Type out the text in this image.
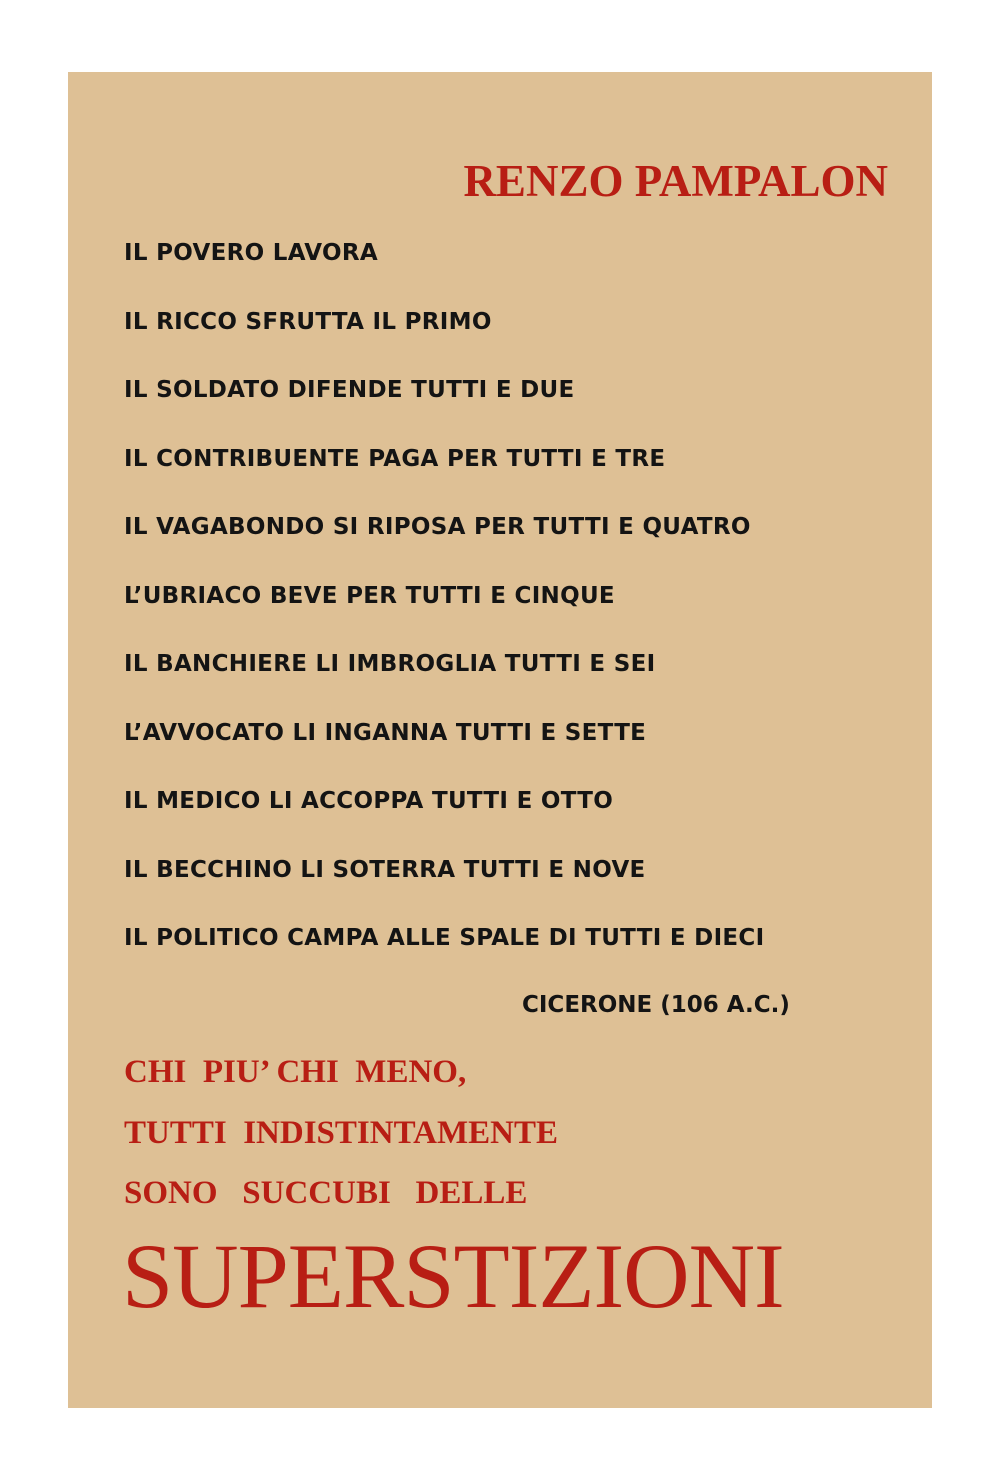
RENZO PAMPALON
IL POVERO LAVORA
IL RICCO SFRUTTA IL PRIMO
IL SOLDATO DIFENDE TUTTI E DUE
IL CONTRIBUENTE PAGA PER TUTTI E TRE
IL VAGABONDO SI RIPOSA PER TUTTI E QUATRO
L’UBRIACO BEVE PER TUTTI E CINQUE
IL BANCHIERE LI IMBROGLIA TUTTI E SEI
L’AVVOCATO LI INGANNA TUTTI E SETTE
IL MEDICO LI ACCOPPA TUTTI E OTTO
IL BECCHINO LI SOTERRA TUTTI E NOVE
IL POLITICO CAMPA ALLE SPALE DI TUTTI E DIECI
CICERONE (106 A.C.)
CHI  PIU’ CHI  MENO,
TUTTI  INDISTINTAMENTE
SONO   SUCCUBI   DELLE
SUPERSTIZIONI
